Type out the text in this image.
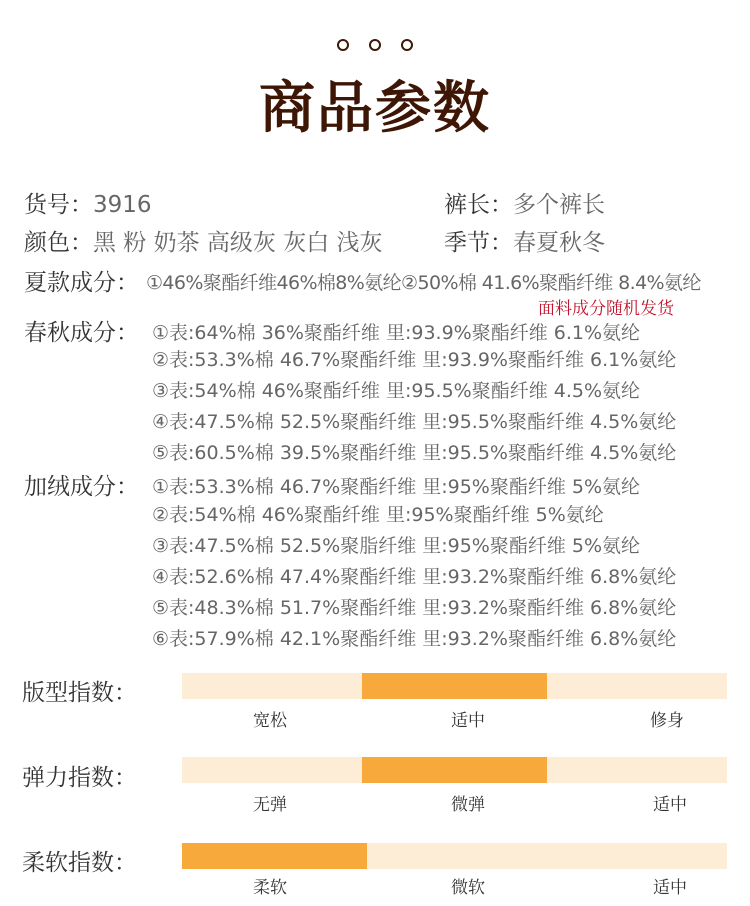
商品参数
货号：3916	裤长：多个裤长
颜色：黑 粉 奶茶 高级灰 灰白 浅灰	季节：春夏秋冬
夏款成分： ①46%聚酯纤维46%棉8%氨纶②50%棉 41.6%聚酯纤维 8.4%氨纶
面料成分随机发货
春秋成分： ①表:64%棉 36%聚酯纤维 里:93.9%聚酯纤维 6.1%氨纶
②表:53.3%棉 46.7%聚酯纤维 里:93.9%聚酯纤维 6.1%氨纶
③表:54%棉 46%聚酯纤维 里:95.5%聚酯纤维 4.5%氨纶
④表:47.5%棉 52.5%聚酯纤维 里:95.5%聚酯纤维 4.5%氨纶
⑤表:60.5%棉 39.5%聚酯纤维 里:95.5%聚酯纤维 4.5%氨纶
加绒成分： ①表:53.3%棉 46.7%聚酯纤维 里:95%聚酯纤维 5%氨纶
②表:54%棉 46%聚酯纤维 里:95%聚酯纤维 5%氨纶
③表:47.5%棉 52.5%聚脂纤维 里:95%聚酯纤维 5%氨纶
④表:52.6%棉 47.4%聚酯纤维 里:93.2%聚酯纤维 6.8%氨纶
⑤表:48.3%棉 51.7%聚酯纤维 里:93.2%聚酯纤维 6.8%氨纶
⑥表:57.9%棉 42.1%聚酯纤维 里:93.2%聚酯纤维 6.8%氨纶
版型指数：
宽松	适中	修身
弹力指数：
无弹	微弹	适中
柔软指数：
柔软	微软	适中
